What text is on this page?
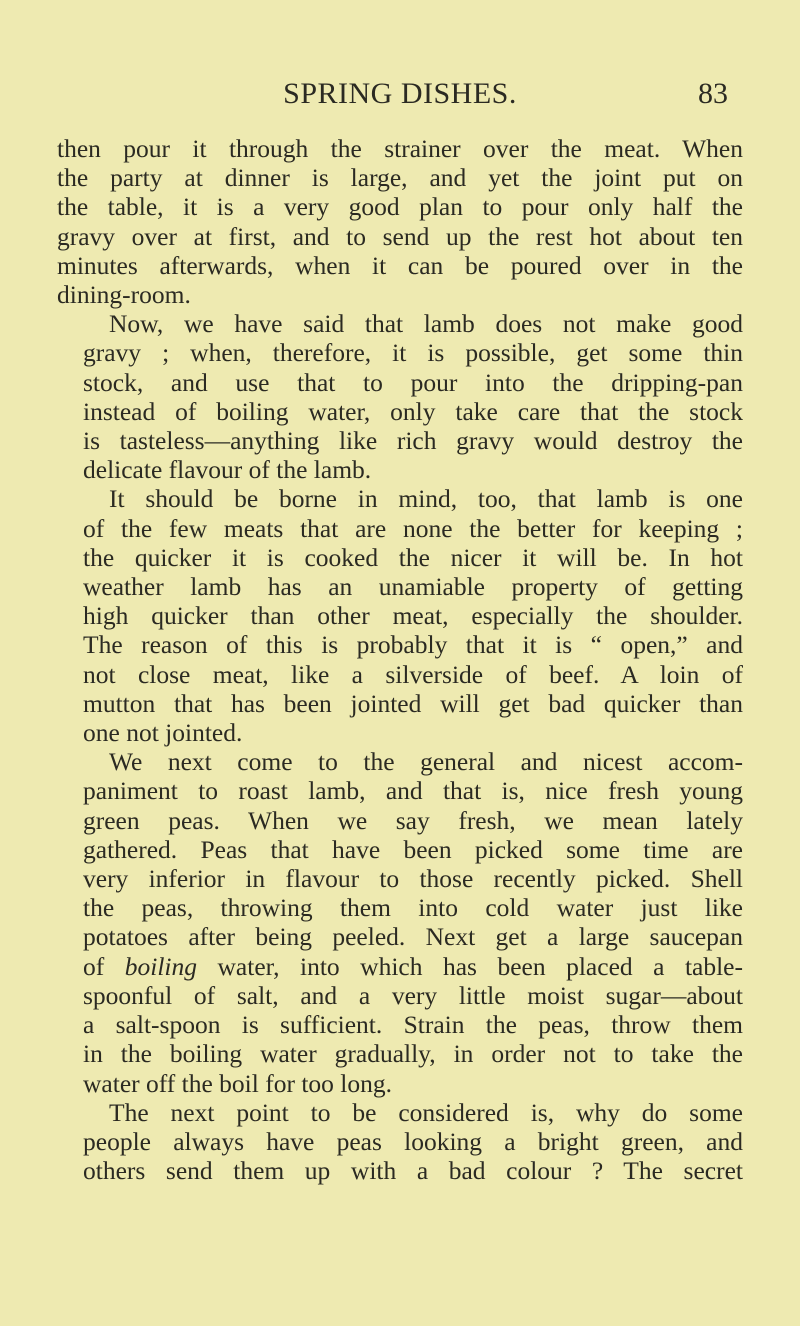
SPRING DISHES.	83
then pour it through the strainer over the meat. When
the party at dinner is large, and yet the joint put on
the table, it is a very good plan to pour only half the
gravy over at first, and to send up the rest hot about ten
minutes afterwards, when it can be poured over in the
dining-room.
Now, we have said that lamb does not make good
gravy ; when, therefore, it is possible, get some thin
stock, and use that to pour into the dripping-pan
instead of boiling water, only take care that the stock
is tasteless—anything like rich gravy would destroy the
delicate flavour of the lamb.
It should be borne in mind, too, that lamb is one
of the few meats that are none the better for keeping ;
the quicker it is cooked the nicer it will be. In hot
weather lamb has an unamiable property of getting
high quicker than other meat, especially the shoulder.
The reason of this is probably that it is “ open,” and
not close meat, like a silverside of beef. A loin of
mutton that has been jointed will get bad quicker than
one not jointed.
We next come to the general and nicest accom-
paniment to roast lamb, and that is, nice fresh young
green peas. When we say fresh, we mean lately
gathered. Peas that have been picked some time are
very inferior in flavour to those recently picked. Shell
the peas, throwing them into cold water just like
potatoes after being peeled. Next get a large saucepan
of boiling water, into which has been placed a table-
spoonful of salt, and a very little moist sugar—about
a salt-spoon is sufficient. Strain the peas, throw them
in the boiling water gradually, in order not to take the
water off the boil for too long.
The next point to be considered is, why do some
people always have peas looking a bright green, and
others send them up with a bad colour ? The secret
